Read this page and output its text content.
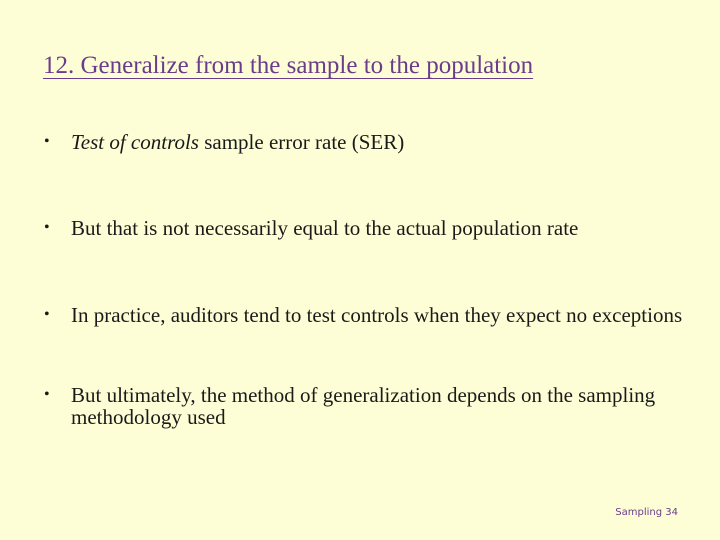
12. Generalize from the sample to the population
•	Test of controls sample error rate (SER)
•	But that is not necessarily equal to the actual population rate
•	In practice, auditors tend to test controls when they expect no exceptions
•	But ultimately, the method of generalization depends on the sampling methodology used
Sampling 34
